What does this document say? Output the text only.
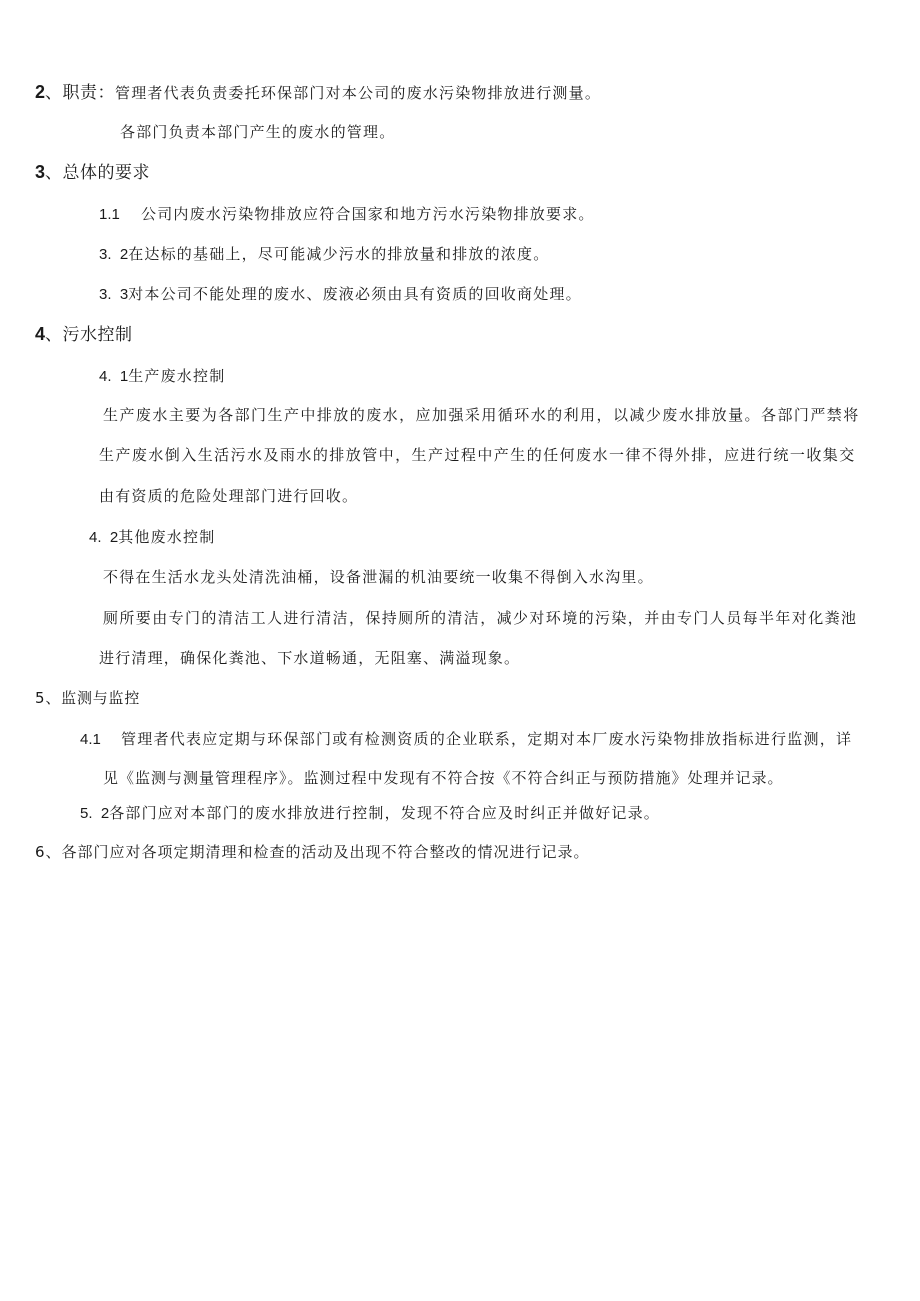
2、职责：管理者代表负责委托环保部门对本公司的废水污染物排放进行测量。
各部门负责本部门产生的废水的管理。
3、总体的要求
1.1 公司内废水污染物排放应符合国家和地方污水污染物排放要求。
3.  2在达标的基础上，尽可能减少污水的排放量和排放的浓度。
3.  3对本公司不能处理的废水、废液必须由具有资质的回收商处理。
4、污水控制
4.  1生产废水控制
生产废水主要为各部门生产中排放的废水，应加强采用循环水的利用，以减少废水排放量。各部门严禁将
生产废水倒入生活污水及雨水的排放管中，生产过程中产生的任何废水一律不得外排，应进行统一收集交
由有资质的危险处理部门进行回收。
4.  2其他废水控制
不得在生活水龙头处清洗油桶，设备泄漏的机油要统一收集不得倒入水沟里。
厕所要由专门的清洁工人进行清洁，保持厕所的清洁，减少对环境的污染，并由专门人员每半年对化粪池
进行清理，确保化粪池、下水道畅通，无阻塞、满溢现象。
5、监测与监控
4.1 管理者代表应定期与环保部门或有检测资质的企业联系，定期对本厂废水污染物排放指标进行监测，详
见《监测与测量管理程序》。监测过程中发现有不符合按《不符合纠正与预防措施》处理并记录。
5.  2各部门应对本部门的废水排放进行控制，发现不符合应及时纠正并做好记录。
6、各部门应对各项定期清理和检查的活动及出现不符合整改的情况进行记录。
